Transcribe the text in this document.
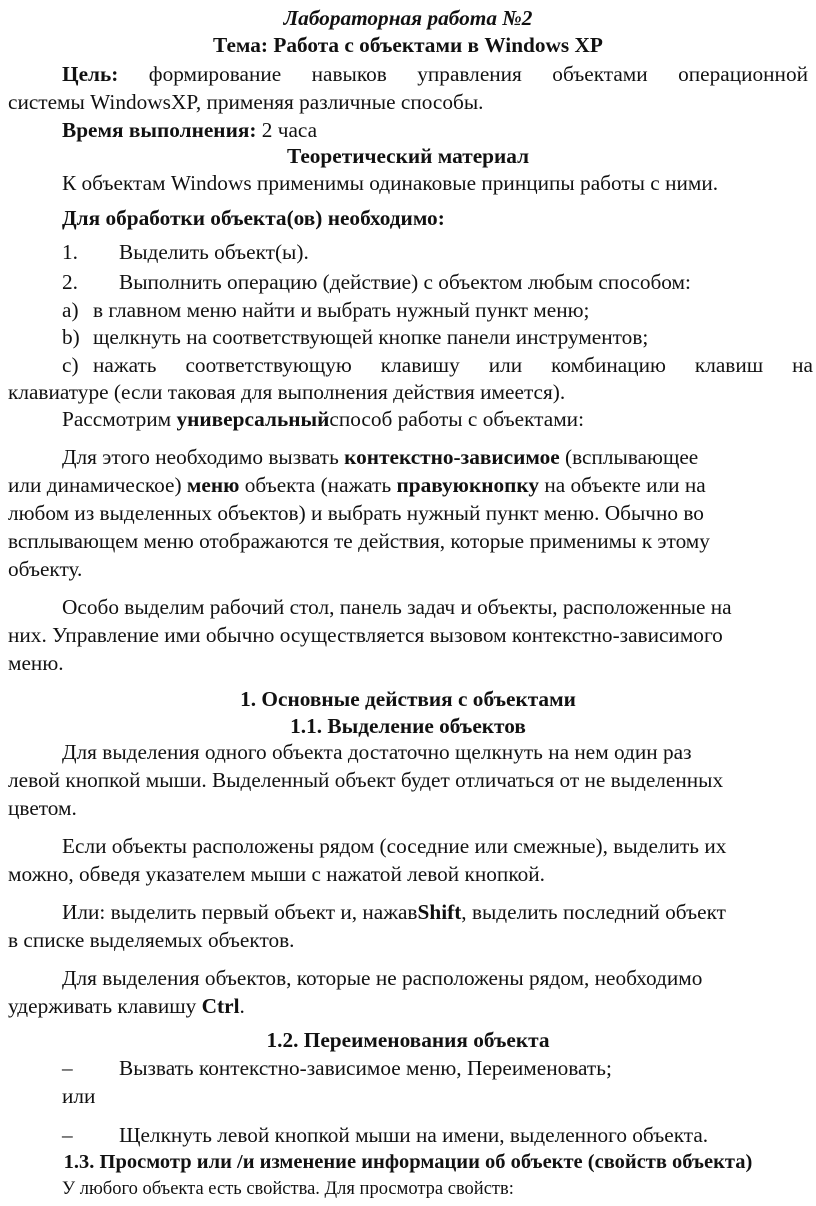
Лабораторная работа №2
Тема: Работа с объектами в Windows XP
Цель: формирование навыков управления объектами операционной
системы WindowsXP, применяя различные способы.
Время выполнения: 2 часа
Теоретический материал
К объектам Windows применимы одинаковые принципы работы с ними.
Для обработки объекта(ов) необходимо:
1. Выделить объект(ы).
2. Выполнить операцию (действие) с объектом любым способом:
a) в главном меню найти и выбрать нужный пункт меню;
b) щелкнуть на соответствующей кнопке панели инструментов;
c) нажать соответствующую клавишу или комбинацию клавиш на
клавиатуре (если таковая для выполнения действия имеется).
Рассмотрим универсальныйспособ работы с объектами:
Для этого необходимо вызвать контекстно-зависимое (всплывающее
или динамическое) меню объекта (нажать правуюкнопку на объекте или на
любом из выделенных объектов) и выбрать нужный пункт меню. Обычно во
всплывающем меню отображаются те действия, которые применимы к этому
объекту.
Особо выделим рабочий стол, панель задач и объекты, расположенные на
них. Управление ими обычно осуществляется вызовом контекстно-зависимого
меню.
1. Основные действия с объектами
1.1. Выделение объектов
Для выделения одного объекта достаточно щелкнуть на нем один раз
левой кнопкой мыши. Выделенный объект будет отличаться от не выделенных
цветом.
Если объекты расположены рядом (соседние или смежные), выделить их
можно, обведя указателем мыши с нажатой левой кнопкой.
Или: выделить первый объект и, нажавShift, выделить последний объект
в списке выделяемых объектов.
Для выделения объектов, которые не расположены рядом, необходимо
удерживать клавишу Ctrl.
1.2. Переименования объекта
– Вызвать контекстно-зависимое меню, Переименовать;
или
– Щелкнуть левой кнопкой мыши на имени, выделенного объекта.
1.3. Просмотр или /и изменение информации об объекте (свойств объекта)
У любого объекта есть свойства. Для просмотра свойств:
